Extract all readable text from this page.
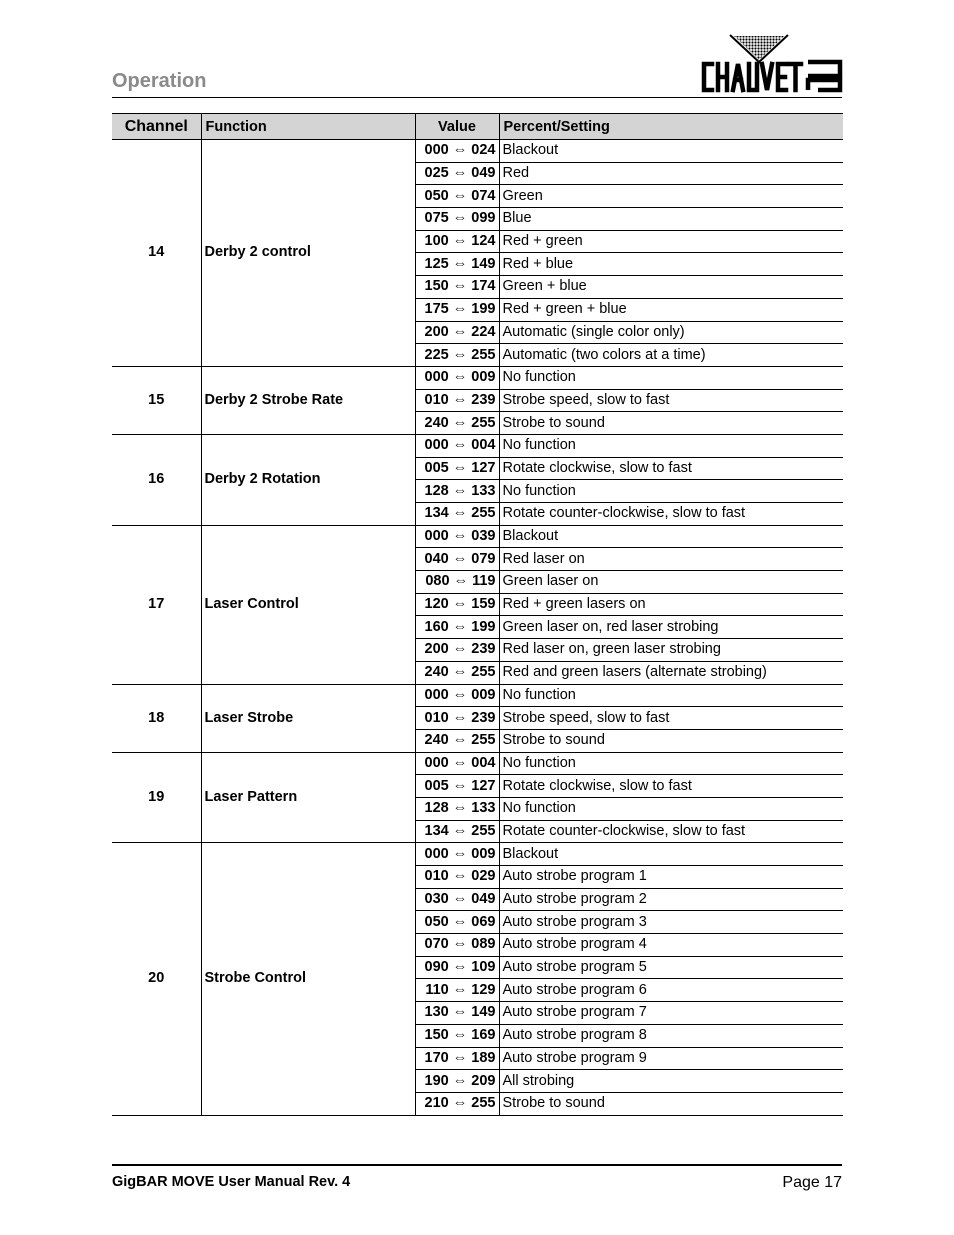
Operation
Channel	Function	Value	Percent/Setting
14	Derby 2 control	000 ⇔ 024	Blackout
		025 ⇔ 049	Red
		050 ⇔ 074	Green
		075 ⇔ 099	Blue
		100 ⇔ 124	Red + green
		125 ⇔ 149	Red + blue
		150 ⇔ 174	Green + blue
		175 ⇔ 199	Red + green + blue
		200 ⇔ 224	Automatic (single color only)
		225 ⇔ 255	Automatic (two colors at a time)
15	Derby 2 Strobe Rate	000 ⇔ 009	No function
		010 ⇔ 239	Strobe speed, slow to fast
		240 ⇔ 255	Strobe to sound
16	Derby 2 Rotation	000 ⇔ 004	No function
		005 ⇔ 127	Rotate clockwise, slow to fast
		128 ⇔ 133	No function
		134 ⇔ 255	Rotate counter-clockwise, slow to fast
17	Laser Control	000 ⇔ 039	Blackout
		040 ⇔ 079	Red laser on
		080 ⇔ 119	Green laser on
		120 ⇔ 159	Red + green lasers on
		160 ⇔ 199	Green laser on, red laser strobing
		200 ⇔ 239	Red laser on, green laser strobing
		240 ⇔ 255	Red and green lasers (alternate strobing)
18	Laser Strobe	000 ⇔ 009	No function
		010 ⇔ 239	Strobe speed, slow to fast
		240 ⇔ 255	Strobe to sound
19	Laser Pattern	000 ⇔ 004	No function
		005 ⇔ 127	Rotate clockwise, slow to fast
		128 ⇔ 133	No function
		134 ⇔ 255	Rotate counter-clockwise, slow to fast
20	Strobe Control	000 ⇔ 009	Blackout
		010 ⇔ 029	Auto strobe program 1
		030 ⇔ 049	Auto strobe program 2
		050 ⇔ 069	Auto strobe program 3
		070 ⇔ 089	Auto strobe program 4
		090 ⇔ 109	Auto strobe program 5
		110 ⇔ 129	Auto strobe program 6
		130 ⇔ 149	Auto strobe program 7
		150 ⇔ 169	Auto strobe program 8
		170 ⇔ 189	Auto strobe program 9
		190 ⇔ 209	All strobing
		210 ⇔ 255	Strobe to sound
GigBAR MOVE User Manual Rev. 4	Page 17
